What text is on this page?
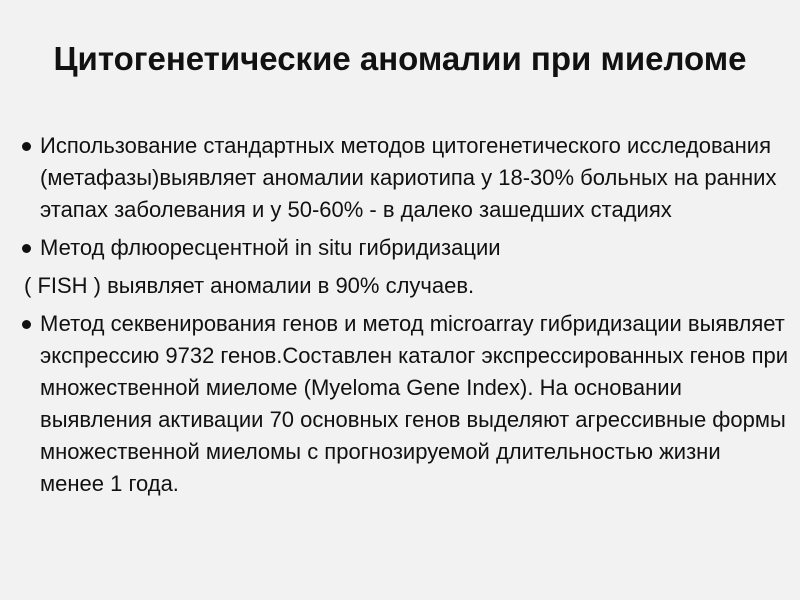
Цитогенетические аномалии при миеломе

Использование стандартных методов цитогенетического исследования (метафазы)выявляет аномалии кариотипа у 18-30% больных на ранних этапах заболевания и у 50-60% - в далеко зашедших стадиях

Метод флюоресцентной in situ гибридизации

( FISH ) выявляет аномалии в 90% случаев.

Метод секвенирования генов и метод microarray гибридизации выявляет экспрессию 9732 генов.Составлен каталог экспрессированных генов при множественной миеломе (Myeloma Gene Index). На основании выявления активации 70 основных генов выделяют агрессивные формы множественной миеломы с прогнозируемой длительностью жизни менее 1 года.
